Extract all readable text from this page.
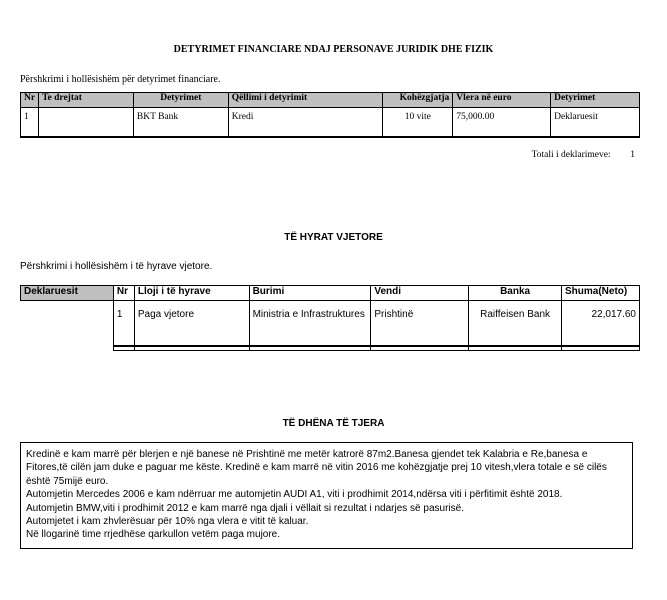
DETYRIMET FINANCIARE NDAJ PERSONAVE JURIDIK DHE FIZIK
Përshkrimi i hollësishëm për detyrimet financiare.
Nr	Te drejtat	Detyrimet	Qëllimi i detyrimit	Kohëzgjatja	Vlera në euro	Detyrimet
1		BKT Bank	Kredi	10 vite	75,000.00	Deklaruesit

Totali i deklarimeve: 1
TË HYRAT VJETORE
Përshkrimi i hollësishëm i të hyrave vjetore.
Deklaruesit	Nr	Lloji i të hyrave	Burimi	Vendi	Banka	Shuma(Neto)
	1	Paga vjetore	Ministria e Infrastruktures	Prishtinë	Raiffeisen Bank	22,017.60

TË DHËNA TË TJERA

Kredinë e kam marrë për blerjen e një banese në Prishtinë me metër katrorë 87m2.Banesa gjendet tek Kalabria e Re,banesa e Fitores,të cilën jam duke e paguar me këste. Kredinë e kam marrë në vitin 2016 me kohëzgjatje prej 10 vitesh,vlera totale e së cilës është 75mijë euro.

Automjetin Mercedes 2006 e kam ndërruar me automjetin AUDI A1, viti i prodhimit 2014,ndërsa viti i përfitimit është 2018.

Automjetin BMW,viti i prodhimit 2012 e kam marrë nga djali i vëllait si rezultat i ndarjes së pasurisë.

Automjetet i kam zhvlerësuar për 10% nga vlera e vitit të kaluar.

Në llogarinë time rrjedhëse qarkullon vetëm paga mujore.
